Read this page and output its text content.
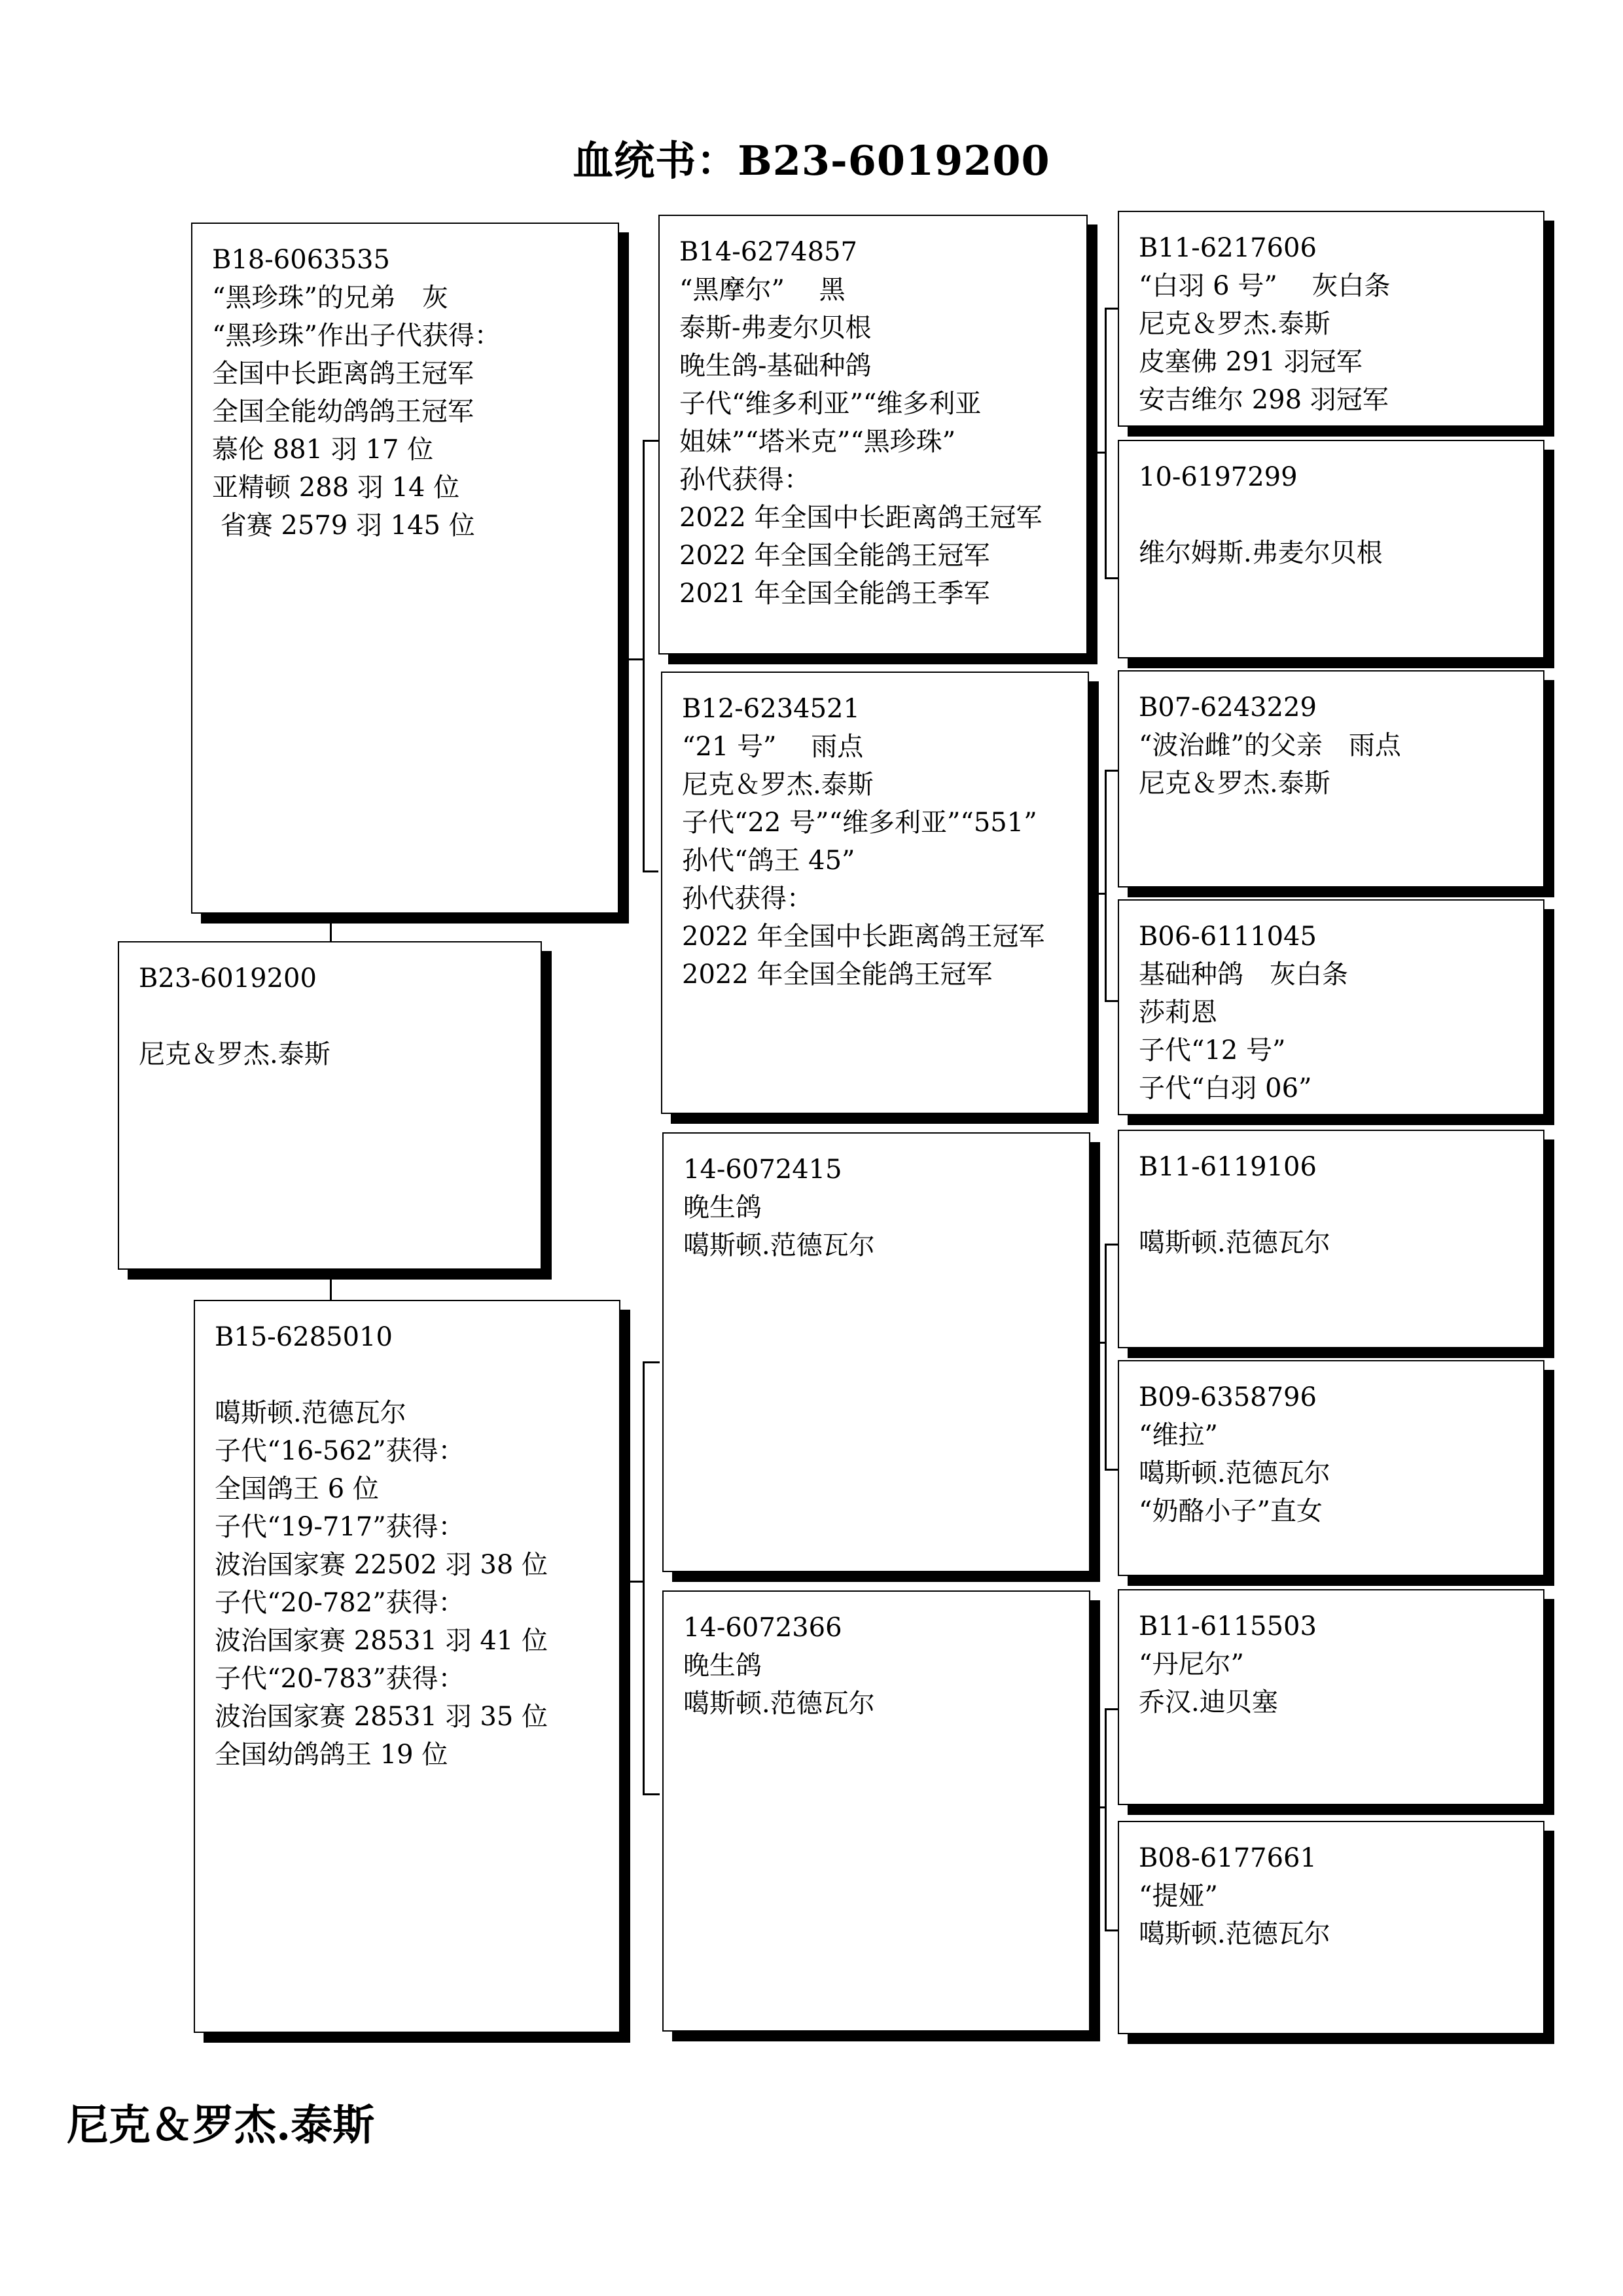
血统书：B23-6019200
B23-6019200
尼克＆罗杰.泰斯
B18-6063535
“黑珍珠”的兄弟　灰
“黑珍珠”作出子代获得：
全国中长距离鸽王冠军
全国全能幼鸽鸽王冠军
慕伦 881 羽 17 位
亚精顿 288 羽 14 位
省赛 2579 羽 145 位
B15-6285010
噶斯顿.范德瓦尔
子代“16-562”获得：
全国鸽王 6 位
子代“19-717”获得：
波治国家赛 22502 羽 38 位
子代“20-782”获得：
波治国家赛 28531 羽 41 位
子代“20-783”获得：
波治国家赛 28531 羽 35 位
全国幼鸽鸽王 19 位
B14-6274857
“黑摩尔”　 黑
泰斯-弗麦尔贝根
晚生鸽-基础种鸽
子代“维多利亚”“维多利亚
姐妹”“塔米克”“黑珍珠”
孙代获得：
2022 年全国中长距离鸽王冠军
2022 年全国全能鸽王冠军
2021 年全国全能鸽王季军
B12-6234521
“21 号”　 雨点
尼克＆罗杰.泰斯
子代“22 号”“维多利亚”“551”
孙代“鸽王 45”
孙代获得：
2022 年全国中长距离鸽王冠军
2022 年全国全能鸽王冠军
14-6072415
晚生鸽
噶斯顿.范德瓦尔
14-6072366
晚生鸽
噶斯顿.范德瓦尔
B11-6217606
“白羽 6 号”　 灰白条
尼克＆罗杰.泰斯
皮塞佛 291 羽冠军
安吉维尔 298 羽冠军
10-6197299
维尔姆斯.弗麦尔贝根
B07-6243229
“波治雌”的父亲　雨点
尼克＆罗杰.泰斯
B06-6111045
基础种鸽　灰白条
莎莉恩
子代“12 号”
子代“白羽 06”
B11-6119106
噶斯顿.范德瓦尔
B09-6358796
“维拉”
噶斯顿.范德瓦尔
“奶酪小子”直女
B11-6115503
“丹尼尔”
乔汉.迪贝塞
B08-6177661
“提娅”
噶斯顿.范德瓦尔
尼克＆罗杰.泰斯
